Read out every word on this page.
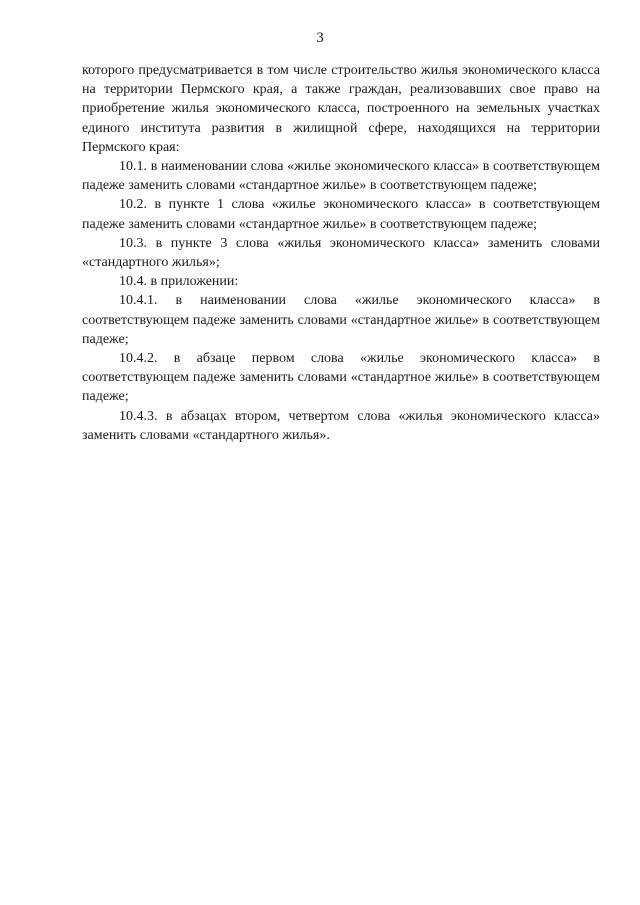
3

которого предусматривается в том числе строительство жилья экономического класса на территории Пермского края, а также граждан, реализовавших свое право на приобретение жилья экономического класса, построенного на земельных участках единого института развития в жилищной сфере, находящихся на территории Пермского края:

10.1. в наименовании слова «жилье экономического класса» в соответствующем падеже заменить словами «стандартное жилье» в соответствующем падеже;

10.2. в пункте 1 слова «жилье экономического класса» в соответствующем падеже заменить словами «стандартное жилье» в соответствующем падеже;

10.3. в пункте 3 слова «жилья экономического класса» заменить словами «стандартного жилья»;

10.4. в приложении:

10.4.1. в наименовании слова «жилье экономического класса» в соответствующем падеже заменить словами «стандартное жилье» в соответствующем падеже;

10.4.2. в абзаце первом слова «жилье экономического класса» в соответствующем падеже заменить словами «стандартное жилье» в соответствующем падеже;

10.4.3. в абзацах втором, четвертом слова «жилья экономического класса» заменить словами «стандартного жилья».
